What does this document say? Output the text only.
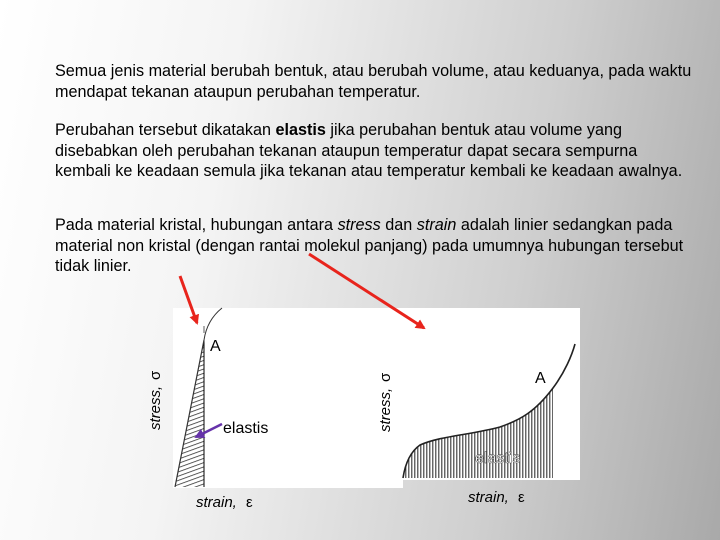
Semua jenis material berubah bentuk, atau berubah volume, atau keduanya, pada waktu mendapat tekanan ataupun perubahan temperatur.

Perubahan tersebut dikatakan elastis jika perubahan bentuk atau volume yang disebabkan oleh perubahan tekanan ataupun temperatur dapat secara sempurna kembali ke keadaan semula jika tekanan atau temperatur kembali ke keadaan awalnya.

Pada material kristal, hubungan antara stress dan strain adalah linier sedangkan pada material non kristal (dengan rantai molekul panjang) pada umumnya hubungan tersebut tidak linier.

A
elastis
stress,
σ
strain, ε
A
elastis
stress,
σ
strain, ε
